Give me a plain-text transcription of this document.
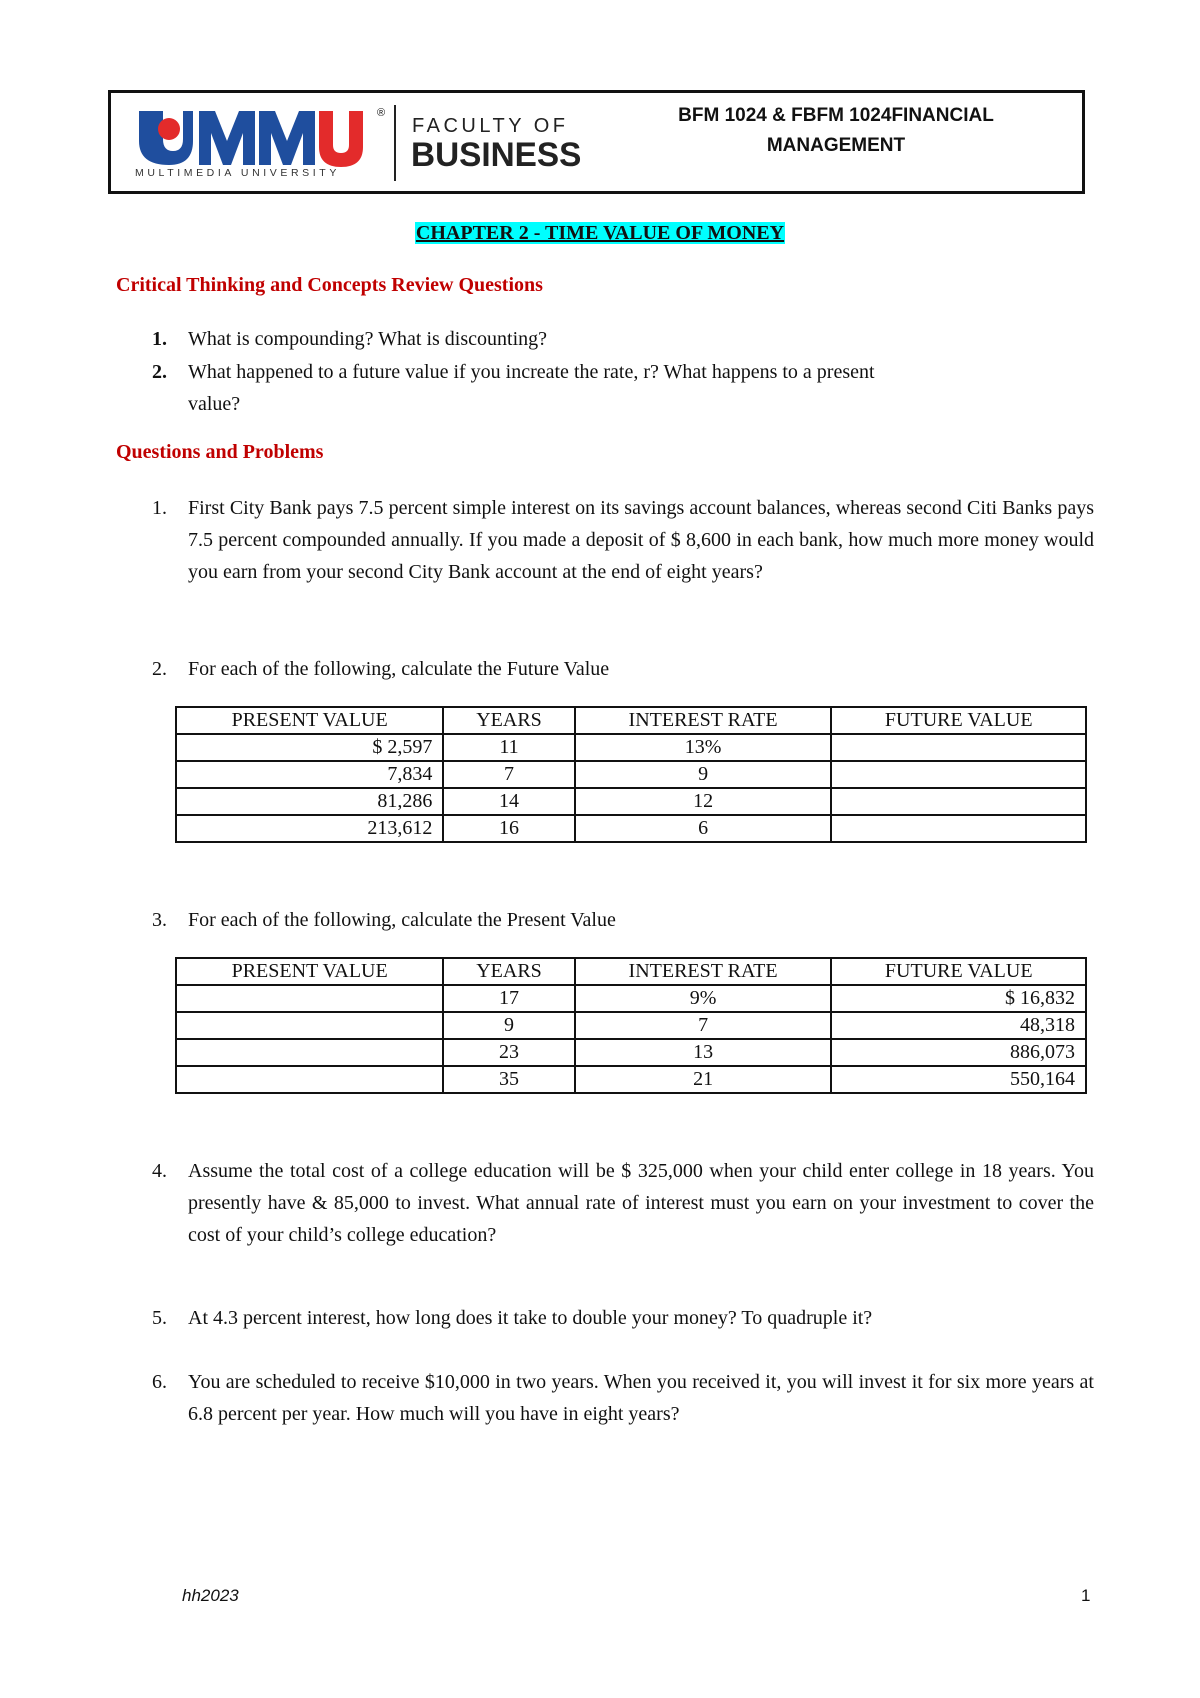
®
MULTIMEDIA UNIVERSITY
FACULTY OF
BUSINESS
BFM 1024 & FBFM 1024FINANCIAL
MANAGEMENT
CHAPTER 2 - TIME VALUE OF MONEY
Critical Thinking and Concepts Review Questions
1. What is compounding? What is discounting?
2. What happened to a future value if you increate the rate, r? What happens to a present
value?
Questions and Problems
1. First City Bank pays 7.5 percent simple interest on its savings account balances, whereas second Citi Banks pays 7.5 percent compounded annually. If you made a deposit of $ 8,600 in each bank, how much more money would you earn from your second City Bank account at the end of eight years?
2. For each of the following, calculate the Future Value
PRESENT VALUE	YEARS	INTEREST RATE	FUTURE VALUE
$ 2,597	11	13%	
7,834	7	9	
81,286	14	12	
213,612	16	6	
3. For each of the following, calculate the Present Value
PRESENT VALUE	YEARS	INTEREST RATE	FUTURE VALUE
	17	9%	$ 16,832
	9	7	48,318
	23	13	886,073
	35	21	550,164
4. Assume the total cost of a college education will be $ 325,000 when your child enter college in 18 years. You presently have & 85,000 to invest. What annual rate of interest must you earn on your investment to cover the cost of your child’s college education?
5. At 4.3 percent interest, how long does it take to double your money? To quadruple it?
6. You are scheduled to receive $10,000 in two years. When you received it, you will invest it for six more years at 6.8 percent per year. How much will you have in eight years?
hh2023	1
